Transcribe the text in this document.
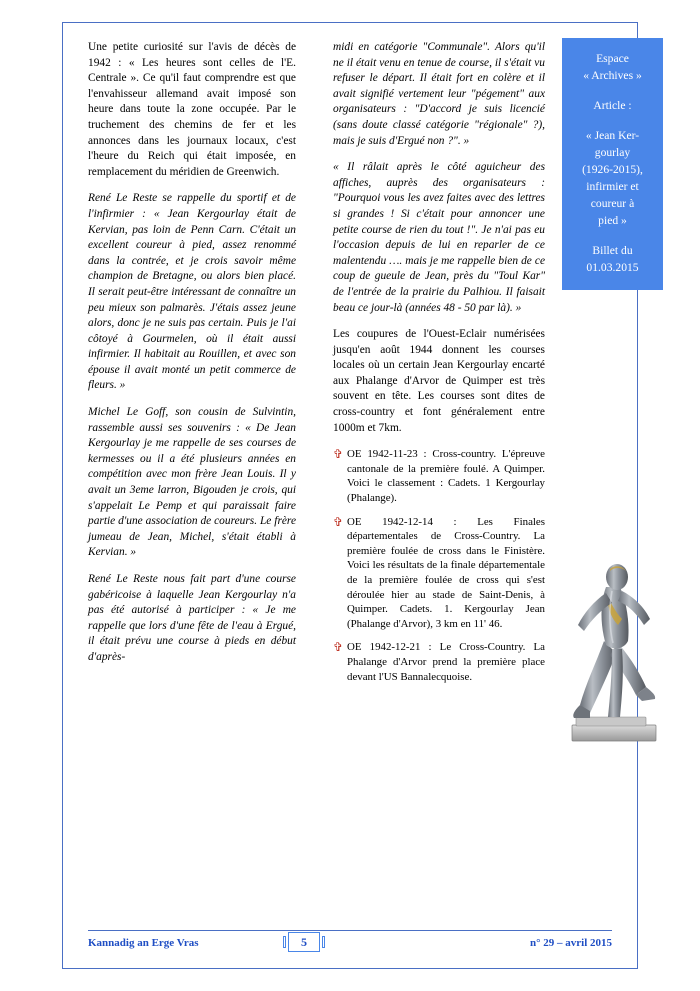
Une petite curiosité sur l'avis de décès de 1942 : « Les heures sont celles de l'E. Centrale ». Ce qu'il faut comprendre est que l'envahisseur allemand avait imposé son heure dans toute la zone occupée. Par le truchement des chemins de fer et les annonces dans les journaux locaux, c'est l'heure du Reich qui était imposée, en remplacement du méridien de Greenwich.

René Le Reste se rappelle du sportif et de l'infirmier : « Jean Kergourlay était de Kervian, pas loin de Penn Carn. C'était un excellent coureur à pied, assez renommé dans la contrée, et je crois savoir même champion de Bretagne, ou alors bien placé. Il serait peut-être intéressant de connaître un peu mieux son palmarès. J'étais assez jeune alors, donc je ne suis pas certain. Puis je l'ai côtoyé à Gourmelen, où il était aussi infirmier. Il habitait au Rouillen, et avec son épouse il avait monté un petit commerce de fleurs. »

Michel Le Goff, son cousin de Sulvintin, rassemble aussi ses souvenirs : « De Jean Kergourlay je me rappelle de ses courses de kermesses ou il a été plusieurs années en compétition avec mon frère Jean Louis. Il y avait un 3eme larron, Bigouden je crois, qui s'appelait Le Pemp et qui paraissait faire partie d'une association de coureurs. Le frère jumeau de Jean, Michel, s'était établi à Kervian. »

René Le Reste nous fait part d'une course gabéricoise à laquelle Jean Kergourlay n'a pas été autorisé à participer : « Je me rappelle que lors d'une fête de l'eau à Ergué, il était prévu une course à pieds en début d'après-

midi en catégorie "Communale". Alors qu'il ne il était venu en tenue de course, il s'était vu refuser le départ. Il était fort en colère et il avait signifié vertement leur "pégement" aux organisateurs : "D'accord je suis licencié (sans doute classé catégorie "régionale" ?), mais je suis d'Ergué non ?". »

« Il râlait après le côté aguicheur des affiches, auprès des organisateurs : "Pourquoi vous les avez faites avec des lettres si grandes ! Si c'était pour annoncer une petite course de rien du tout !". Je n'ai pas eu l'occasion depuis de lui en reparler de ce malentendu …. mais je me rappelle bien de ce coup de gueule de Jean, près du "Toul Kar" de l'entrée de la prairie du Palhiou. Il faisait beau ce jour-là (années 48 - 50 par là). »

Les coupures de l'Ouest-Eclair numérisées jusqu'en août 1944 donnent les courses locales où un certain Jean Kergourlay encarté aux Phalange d'Arvor de Quimper est très souvent en tête. Les courses sont dites de cross-country et font généralement entre 1000m et 7km.

✞ OE 1942-11-23 : Cross-country. L'épreuve cantonale de la première foulé. A Quimper. Voici le classement : Cadets. 1 Kergourlay (Phalange).
✞ OE 1942-12-14 : Les Finales départementales de Cross-Country. La première foulée de cross dans le Finistère. Voici les résultats de la finale départementale de la première foulée de cross qui s'est déroulée hier au stade de Saint-Denis, à Quimper. Cadets. 1. Kergourlay Jean (Phalange d'Arvor), 3 km en 11' 46.
✞ OE 1942-12-21 : Le Cross-Country. La Phalange d'Arvor prend la première place devant l'US Bannalecquoise.
Espace
« Archives »
Article :
« Jean Ker-
gourlay
(1926-2015),
infirmier et
coureur à
pied »
Billet du
01.03.2015
Kannadig an Erge Vras	5	n° 29 – avril 2015
